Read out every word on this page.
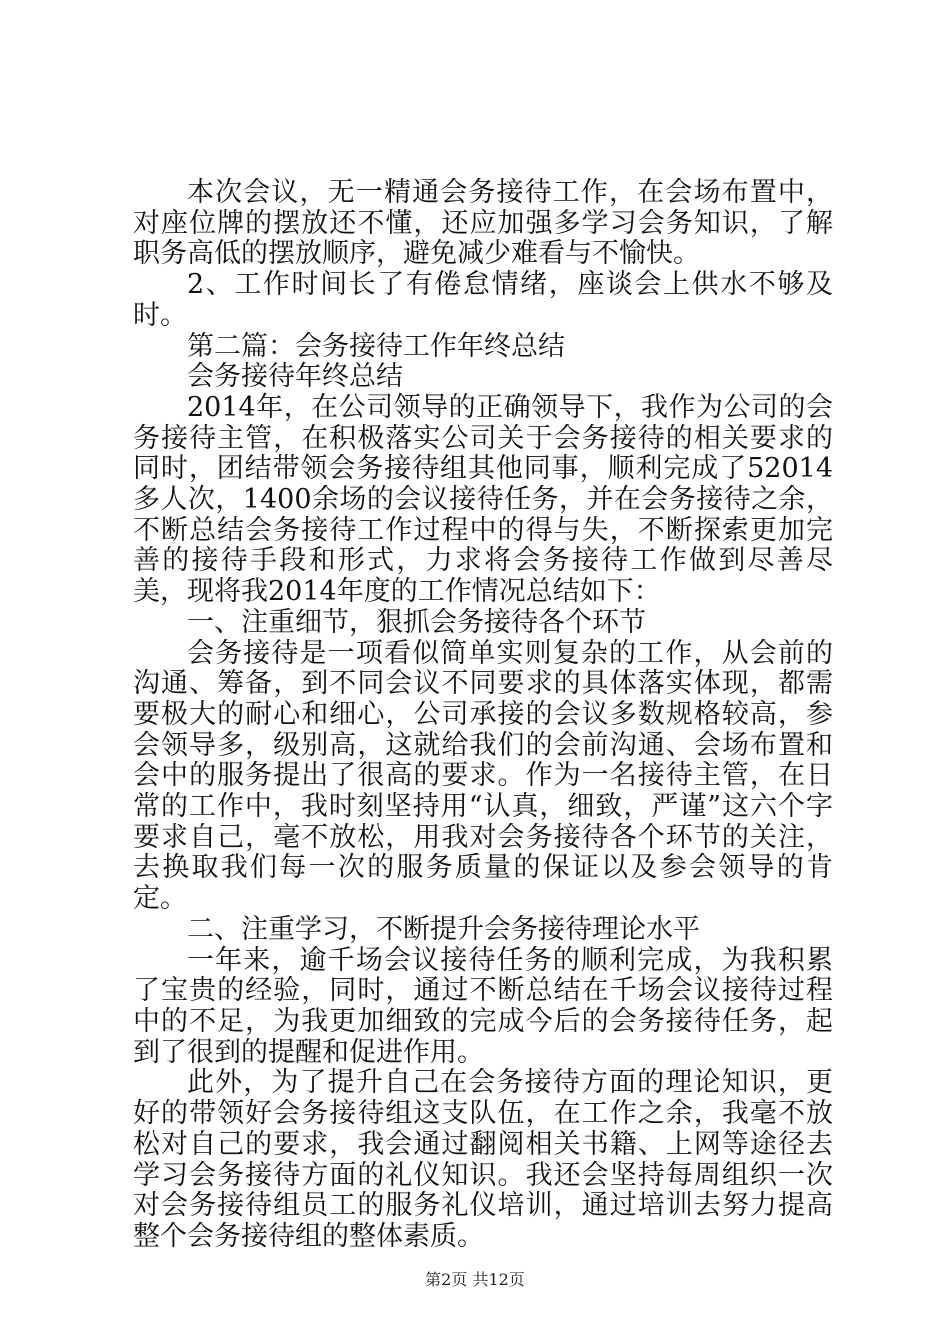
本次会议，无一精通会务接待工作，在会场布置中，对座位牌的摆放还不懂，还应加强多学习会务知识，了解职务高低的摆放顺序，避免减少难看与不愉快。

2、工作时间长了有倦怠情绪，座谈会上供水不够及时。

第二篇：会务接待工作年终总结

会务接待年终总结

2014年，在公司领导的正确领导下，我作为公司的会务接待主管，在积极落实公司关于会务接待的相关要求的同时，团结带领会务接待组其他同事，顺利完成了52014多人次，1400余场的会议接待任务，并在会务接待之余，不断总结会务接待工作过程中的得与失，不断探索更加完善的接待手段和形式，力求将会务接待工作做到尽善尽美，现将我2014年度的工作情况总结如下：

一、注重细节，狠抓会务接待各个环节

会务接待是一项看似简单实则复杂的工作，从会前的沟通、筹备，到不同会议不同要求的具体落实体现，都需要极大的耐心和细心，公司承接的会议多数规格较高，参会领导多，级别高，这就给我们的会前沟通、会场布置和会中的服务提出了很高的要求。作为一名接待主管，在日常的工作中，我时刻坚持用“认真，细致，严谨”这六个字要求自己，毫不放松，用我对会务接待各个环节的关注，去换取我们每一次的服务质量的保证以及参会领导的肯定。

二、注重学习，不断提升会务接待理论水平

一年来，逾千场会议接待任务的顺利完成，为我积累了宝贵的经验，同时，通过不断总结在千场会议接待过程中的不足，为我更加细致的完成今后的会务接待任务，起到了很到的提醒和促进作用。

此外，为了提升自己在会务接待方面的理论知识，更好的带领好会务接待组这支队伍，在工作之余，我毫不放松对自己的要求，我会通过翻阅相关书籍、上网等途径去学习会务接待方面的礼仪知识。我还会坚持每周组织一次对会务接待组员工的服务礼仪培训，通过培训去努力提高整个会务接待组的整体素质。

第2页 共12页
